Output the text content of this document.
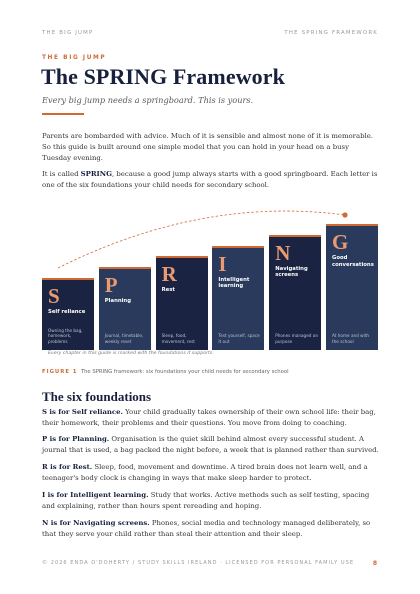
THE BIG JUMP	THE SPRING FRAMEWORK
THE BIG JUMP
The SPRING Framework
Every big jump needs a springboard. This is yours.

Parents are bombarded with advice. Much of it is sensible and almost none of it is memorable. So this guide is built around one simple model that you can hold in your head on a busy Tuesday evening.

It is called SPRING, because a good jump always starts with a good springboard. Each letter is one of the six foundations your child needs for secondary school.

S
Self reliance
Owning the bag, homework, problems
P
Planning
Journal, timetable, weekly reset
R
Rest
Sleep, food, movement, rest
I
Intelligent learning
Test yourself, space it out
N
Navigating screens
Phones managed on purpose
G
Good conversations
At home and with the school
Every chapter in this guide is marked with the foundations it supports.
FIGURE 1 The SPRING framework: six foundations your child needs for secondary school
The six foundations

S is for Self reliance. Your child gradually takes ownership of their own school life: their bag, their homework, their problems and their questions. You move from doing to coaching.

P is for Planning. Organisation is the quiet skill behind almost every successful student. A journal that is used, a bag packed the night before, a week that is planned rather than survived.

R is for Rest. Sleep, food, movement and downtime. A tired brain does not learn well, and a teenager's body clock is changing in ways that make sleep harder to protect.

I is for Intelligent learning. Study that works. Active methods such as self testing, spacing and explaining, rather than hours spent rereading and hoping.

N is for Navigating screens. Phones, social media and technology managed deliberately, so that they serve your child rather than steal their attention and their sleep.

© 2026 ENDA O'DOHERTY / STUDY SKILLS IRELAND · LICENSED FOR PERSONAL FAMILY USE	8
